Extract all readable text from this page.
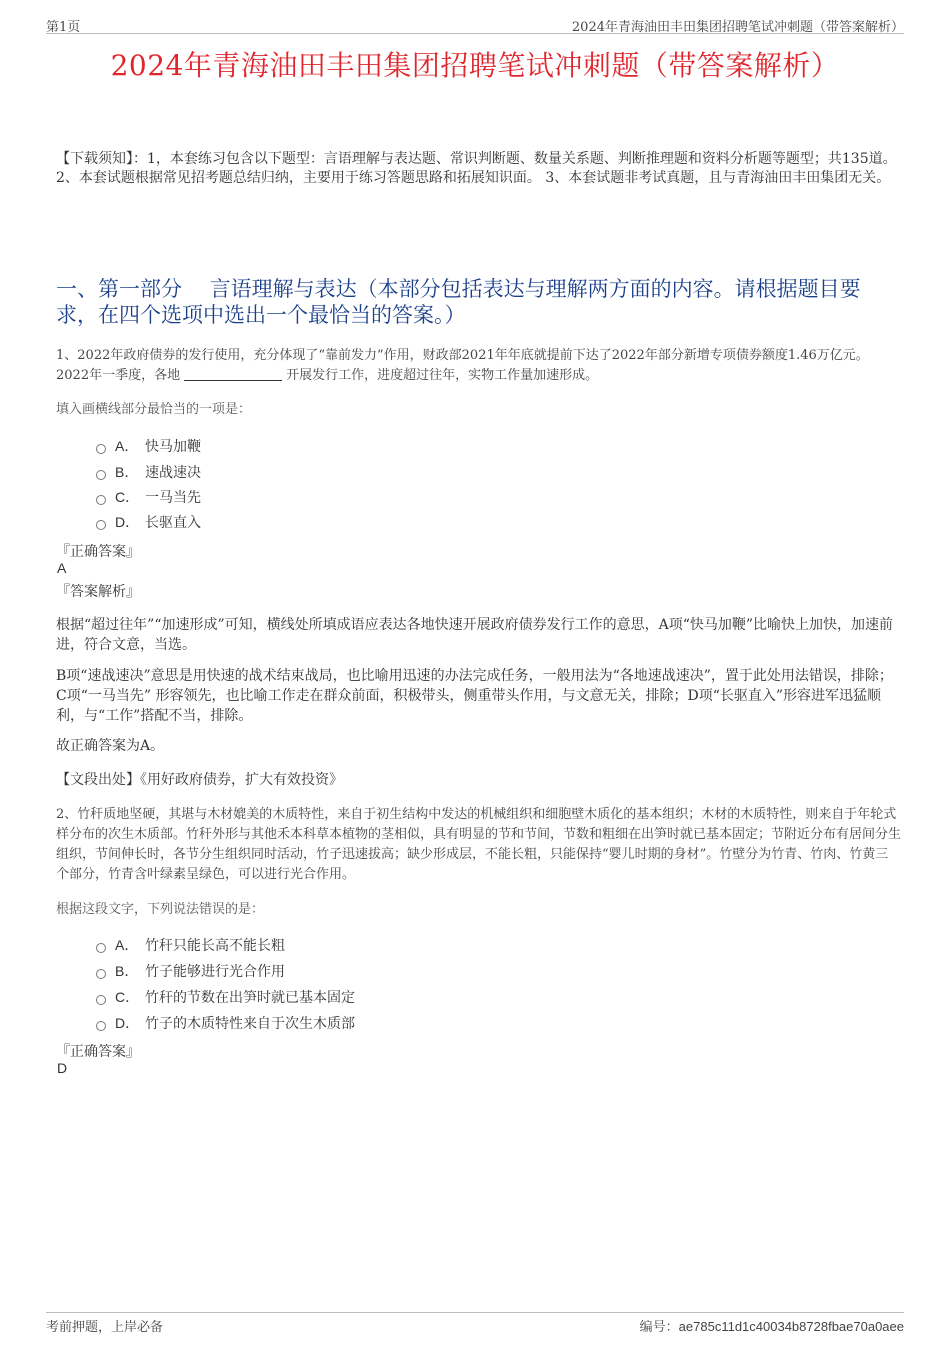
第1页	2024年青海油田丰田集团招聘笔试冲刺题（带答案解析）
2024年青海油田丰田集团招聘笔试冲刺题（带答案解析）
【下载须知】：1，本套练习包含以下题型：言语理解与表达题、常识判断题、数量关系题、判断推理题和资料分析题等题型；共135道。 2、本套试题根据常见招考题总结归纳，主要用于练习答题思路和拓展知识面。 3、本套试题非考试真题，且与青海油田丰田集团无关。
一、第一部分　 言语理解与表达（本部分包括表达与理解两方面的内容。请根据题目要求，在四个选项中选出一个最恰当的答案。）
1、2022年政府债券的发行使用，充分体现了“靠前发力”作用，财政部2021年年底就提前下达了2022年部分新增专项债券额度1.46万亿元。2022年一季度，各地	开展发行工作，进度超过往年，实物工作量加速形成。
填入画横线部分最恰当的一项是：
A． 快马加鞭
B． 速战速决
C． 一马当先
D． 长驱直入
『正确答案』
A
『答案解析』
根据“超过往年”“加速形成”可知，横线处所填成语应表达各地快速开展政府债券发行工作的意思，A项“快马加鞭”比喻快上加快，加速前进，符合文意，当选。
B项“速战速决”意思是用快速的战术结束战局，也比喻用迅速的办法完成任务，一般用法为“各地速战速决”，置于此处用法错误，排除；C项“一马当先” 形容领先，也比喻工作走在群众前面，积极带头，侧重带头作用，与文意无关，排除；D项“长驱直入”形容进军迅猛顺利，与“工作”搭配不当，排除。
故正确答案为A。
【文段出处】《用好政府债券，扩大有效投资》
2、竹秆质地坚硬，其堪与木材媲美的木质特性，来自于初生结构中发达的机械组织和细胞壁木质化的基本组织；木材的木质特性，则来自于年轮式样分布的次生木质部。竹秆外形与其他禾本科草本植物的茎相似，具有明显的节和节间，节数和粗细在出笋时就已基本固定；节附近分布有居间分生组织，节间伸长时，各节分生组织同时活动，竹子迅速拔高；缺少形成层，不能长粗，只能保持“婴儿时期的身材”。竹壁分为竹青、竹肉、竹黄三个部分，竹青含叶绿素呈绿色，可以进行光合作用。
根据这段文字，下列说法错误的是：
A． 竹秆只能长高不能长粗
B． 竹子能够进行光合作用
C． 竹秆的节数在出笋时就已基本固定
D． 竹子的木质特性来自于次生木质部
『正确答案』
D
考前押题，上岸必备	编号：ae785c11d1c40034b8728fbae70a0aee
